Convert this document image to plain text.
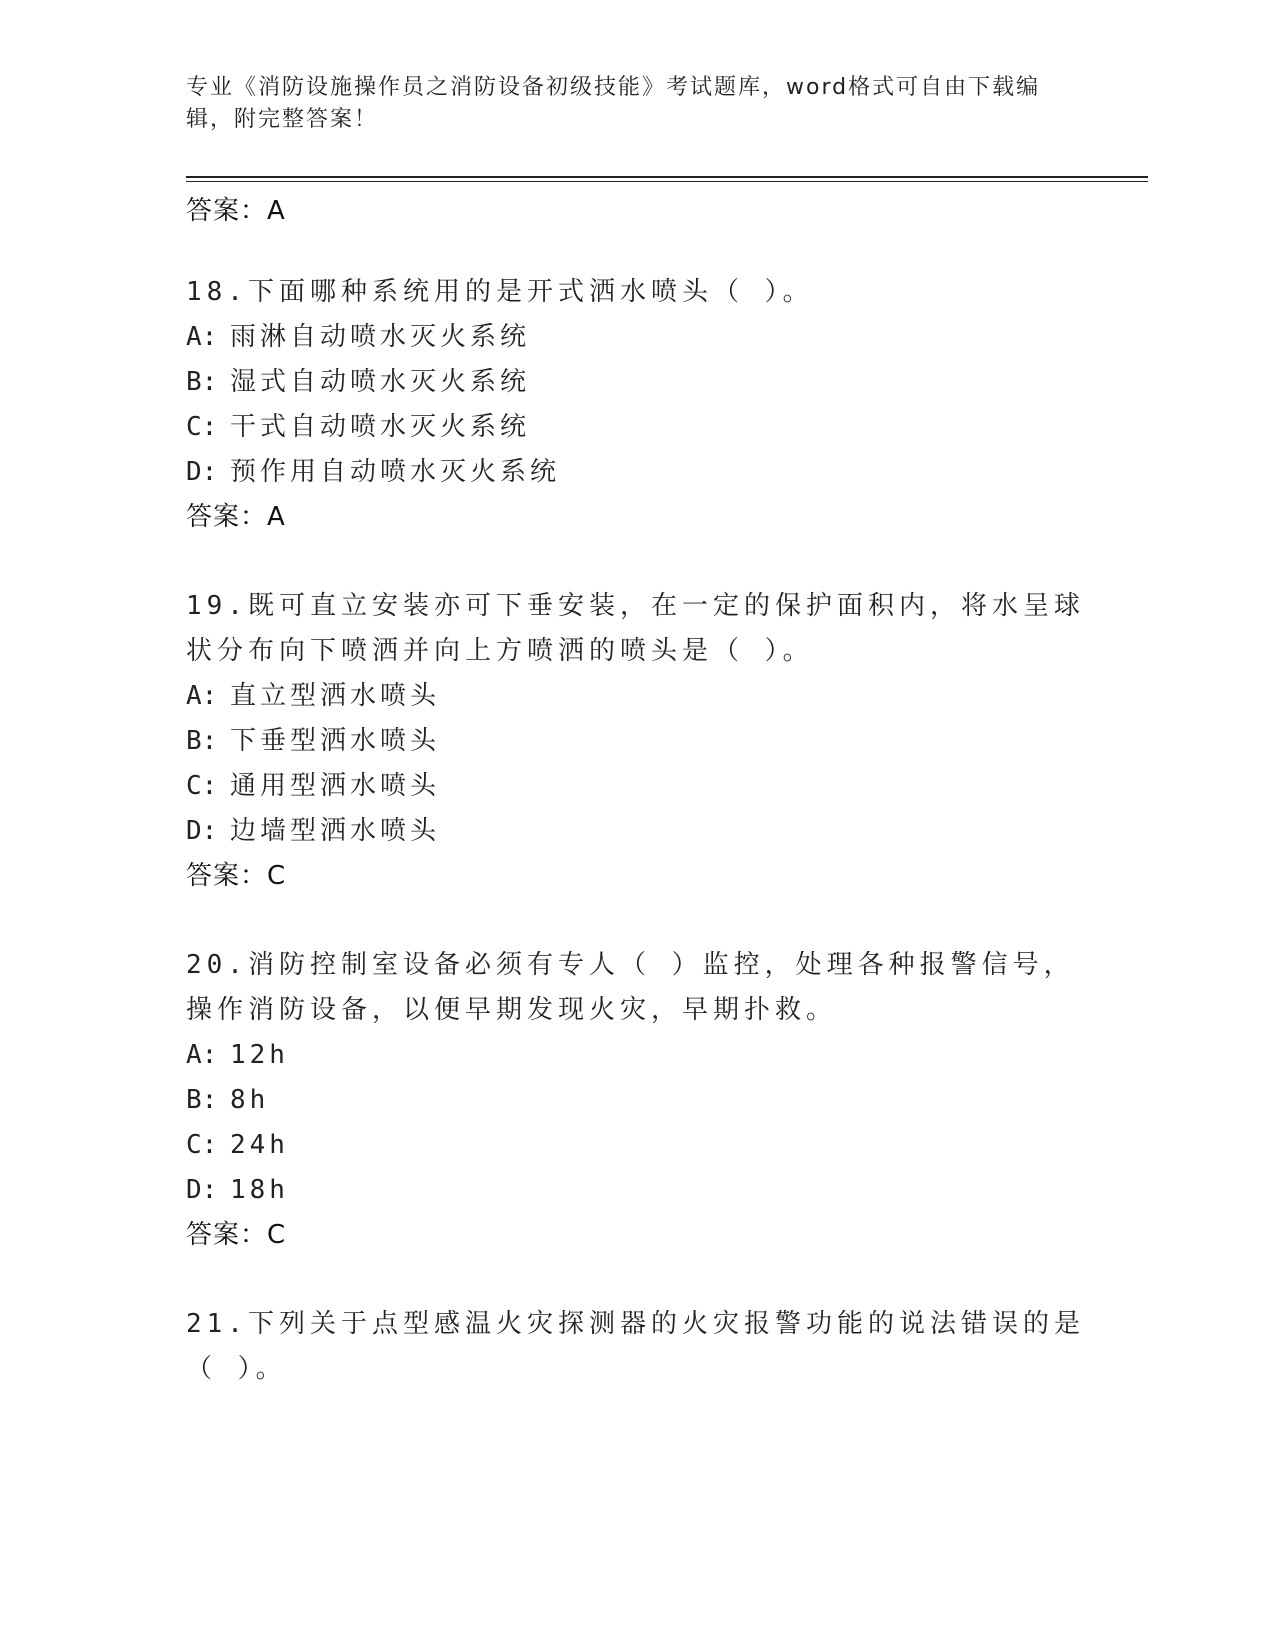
专业《消防设施操作员之消防设备初级技能》考试题库，word格式可自由下载编辑，附完整答案！
答案：A
18.下面哪种系统用的是开式洒水喷头（ ）。
A: 雨淋自动喷水灭火系统
B: 湿式自动喷水灭火系统
C: 干式自动喷水灭火系统
D: 预作用自动喷水灭火系统
答案：A
19.既可直立安装亦可下垂安装，在一定的保护面积内，将水呈球状分布向下喷洒并向上方喷洒的喷头是（ ）。
A: 直立型洒水喷头
B: 下垂型洒水喷头
C: 通用型洒水喷头
D: 边墙型洒水喷头
答案：C
20.消防控制室设备必须有专人（ ）监控，处理各种报警信号，操作消防设备，以便早期发现火灾，早期扑救。
A: 12h
B: 8h
C: 24h
D: 18h
答案：C
21.下列关于点型感温火灾探测器的火灾报警功能的说法错误的是（ ）。
